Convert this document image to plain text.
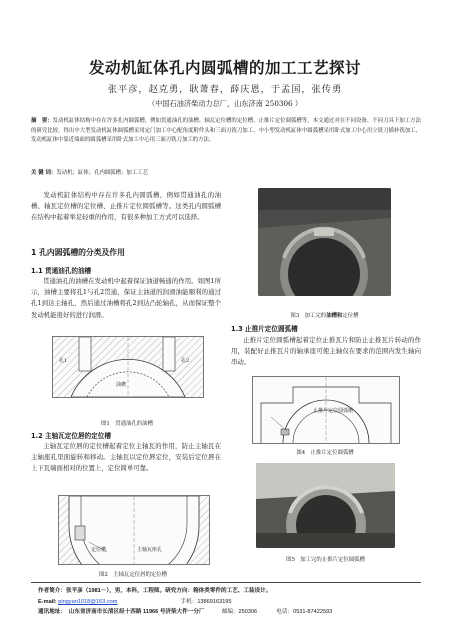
发动机缸体孔内圆弧槽的加工工艺探讨
张平彦，赵克勇，耿萧春，薛庆恩，于孟国，张传勇
（中国石油济柴动力总厂，山东济南 250306 ）
摘　要：发动机缸体结构中存在许多孔内圆弧槽，例如贯通油孔的油槽、轴瓦定位槽的定位槽、止推片定位圆弧槽等。本文通过对在不同设备、不同刀具下加工方法的研究比较，得出中大型发动机缸体圆弧槽采用定门加工中心配角度附件头和三面刃铣刀加工、中小型发动机缸体中圆弧槽采用卧式加工中心用立铣刀插补铣加工、发动机缸体中靠近端面的圆弧槽采用卧式加工中心用三面刃铣刀加工的方法。
关 键 词：发动机；缸体；孔内圆弧槽；加工工艺
发动机缸体结构中存在许多孔内圆弧槽，例如贯通油孔的油槽、轴瓦定位槽的定位槽、止推片定位圆弧槽等。这类孔内圆弧槽在结构中起着举足轻重的作用，有很多种加工方式可以选择。
1 孔内圆弧槽的分类及作用
1.1 贯通油孔的油槽
贯通油孔的油槽在发动机中起着保证油道畅通的作用。如图1所示，油槽主要将孔1与孔2贯通，保证主油道的润滑油能顺利的通过孔1到达主轴孔，然后通过油槽将孔2到达凸轮轴孔，从而保证整个发动机能很好的进行润滑。
孔1	孔2
油槽
图1　贯通油孔的油槽
1.2 主轴瓦定位唇的定位槽
主轴瓦定位唇的定位槽起着定位主轴瓦的作用，防止主轴瓦在主轴座孔里面旋转和移动。主轴瓦以定位唇定位，安装后定位唇在上下瓦端面相对的位置上，定位简单可靠。
定位槽	主轴瓦座孔
图2　主轴瓦定位唇的定位槽
图3　加工完的油槽和定位槽
1.3 止推片定位圆弧槽
止推片定位圆弧槽起着定位止推瓦片和防止止推瓦片转动的作用，装配好止推瓦片的轴承座可使主轴仅在要求的范围内发生轴向串动。
止推片定位圆弧槽
图4　止推片定位圆弧槽
图5　加工完的止推片定位圆弧槽
作者简介：张平彦（1981－），男，本科，工程师。研究方向：箱体类零件的工艺、工装设计。
E-mail: pingyan1018@163.com	手机：13869163195
通讯地址：　山东省济南市长清区经十西路 11966 号济柴大件一分厂	邮编：250306	电话：0531-87422593
